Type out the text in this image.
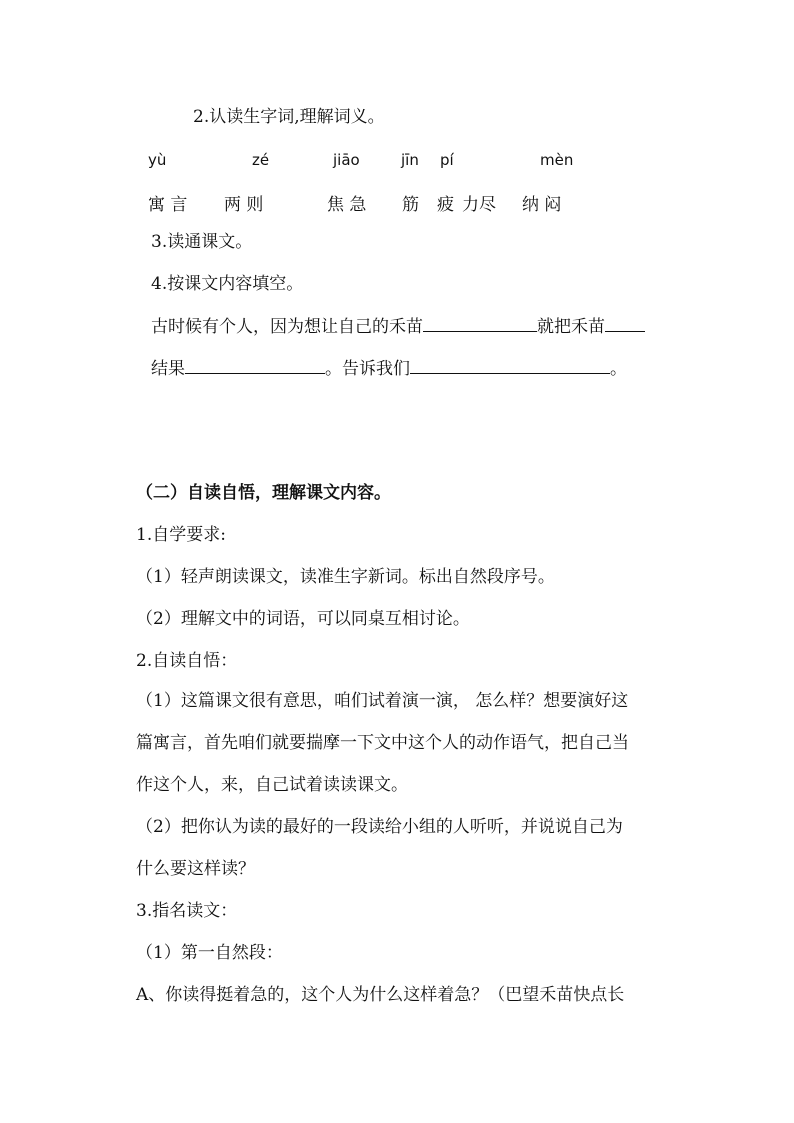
2.认读生字词,理解词义。
yù	zé	jiāo	jīn pí	mèn
寓 言 两 则	焦 急 筋 疲 力尽 纳 闷
3.读通课文。
4.按课文内容填空。
古时候有个人，因为想让自己的禾苗	就把禾苗
结果	。告诉我们	。
（二）自读自悟，理解课文内容。
1.自学要求:
（1）轻声朗读课文，读准生字新词。标出自然段序号。
（2）理解文中的词语，可以同桌互相讨论。
2.自读自悟：
（1）这篇课文很有意思，咱们试着演一演， 怎么样？想要演好这
篇寓言，首先咱们就要揣摩一下文中这个人的动作语气，把自己当
作这个人，来，自己试着读读课文。
（2）把你认为读的最好的一段读给小组的人听听，并说说自己为
什么要这样读？
3.指名读文：
（1）第一自然段：
A、你读得挺着急的，这个人为什么这样着急？（巴望禾苗快点长
